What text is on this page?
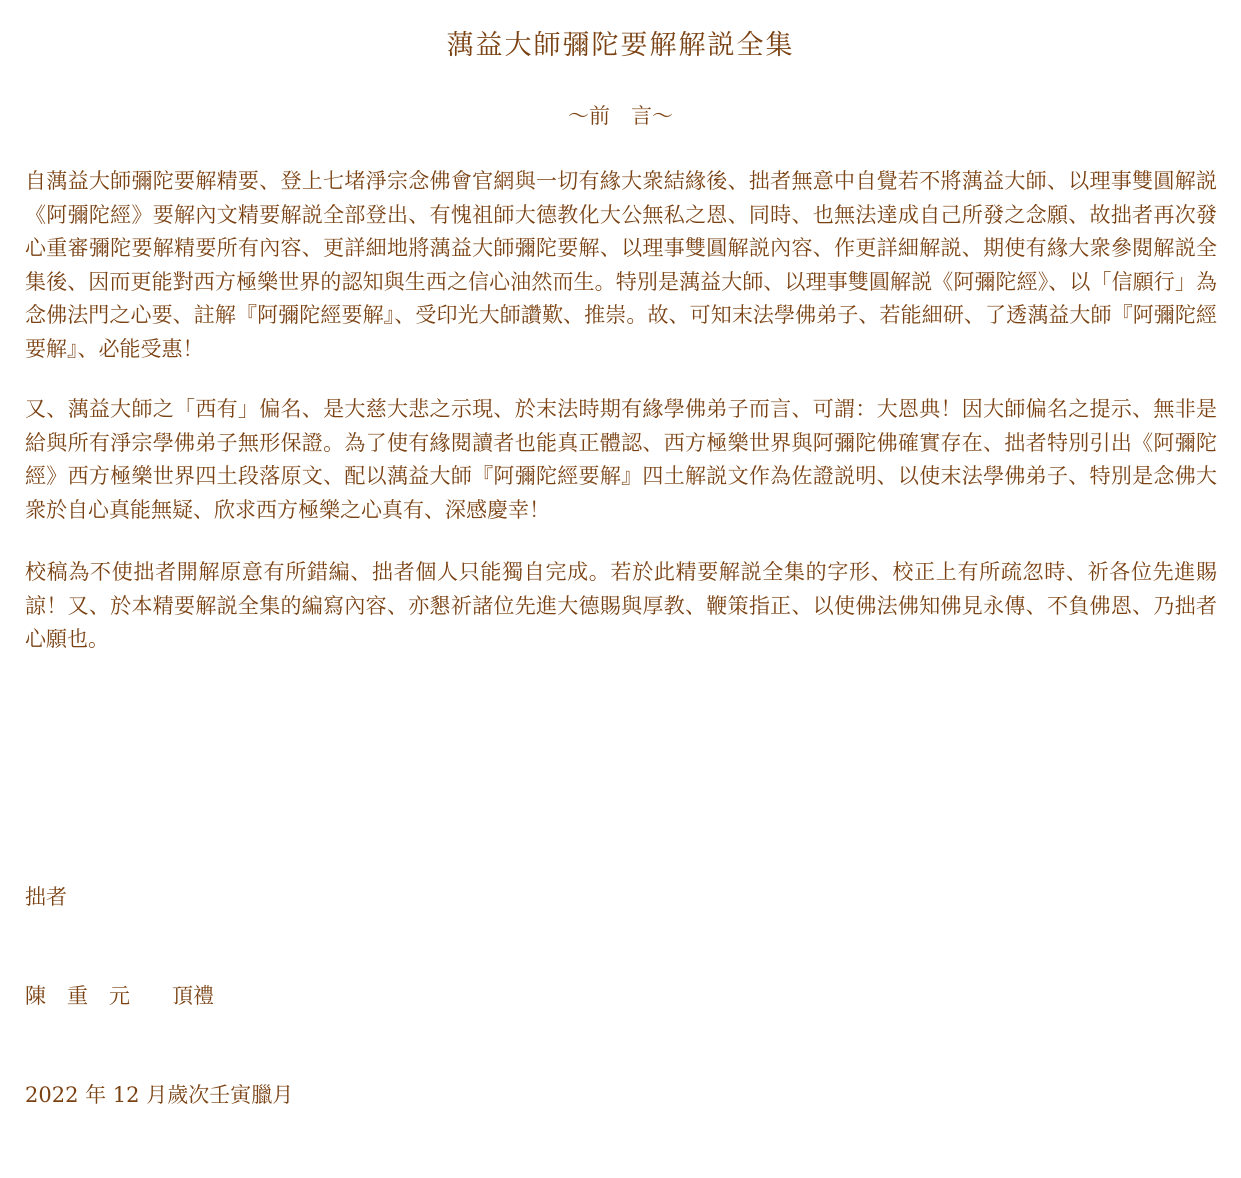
蕅益大師彌陀要解解説全集
～前　言～

自蕅益大師彌陀要解精要、登上七堵淨宗念佛會官網與一切有緣大衆結緣後、拙者無意中自覺若不將蕅益大師、以理事雙圓解説《阿彌陀經》要解內文精要解説全部登出、有愧祖師大德教化大公無私之恩、同時、也無法達成自己所發之念願、故拙者再次發心重審彌陀要解精要所有內容、更詳細地將蕅益大師彌陀要解、以理事雙圓解説內容、作更詳細解説、期使有緣大衆參閱解説全集後、因而更能對西方極樂世界的認知與生西之信心油然而生。特別是蕅益大師、以理事雙圓解説《阿彌陀經》、以「信願行」為念佛法門之心要、註解『阿彌陀經要解』、受印光大師讚歎、推崇。故、可知末法學佛弟子、若能細研、了透蕅益大師『阿彌陀經要解』、必能受惠！

又、蕅益大師之「西有」偏名、是大慈大悲之示現、於末法時期有緣學佛弟子而言、可謂：大恩典！因大師偏名之提示、無非是給與所有淨宗學佛弟子無形保證。為了使有緣閱讀者也能真正體認、西方極樂世界與阿彌陀佛確實存在、拙者特別引出《阿彌陀經》西方極樂世界四土段落原文、配以蕅益大師『阿彌陀經要解』四土解説文作為佐證説明、以使末法學佛弟子、特別是念佛大衆於自心真能無疑、欣求西方極樂之心真有、深感慶幸！

校稿為不使拙者開解原意有所錯編、拙者個人只能獨自完成。若於此精要解説全集的字形、校正上有所疏忽時、祈各位先進賜諒！又、於本精要解説全集的編寫內容、亦懇祈諸位先進大德賜與厚教、鞭策指正、以使佛法佛知佛見永傳、不負佛恩、乃拙者心願也。

拙者

陳　重　元　　頂禮

2022 年 12 月歲次壬寅臘月
